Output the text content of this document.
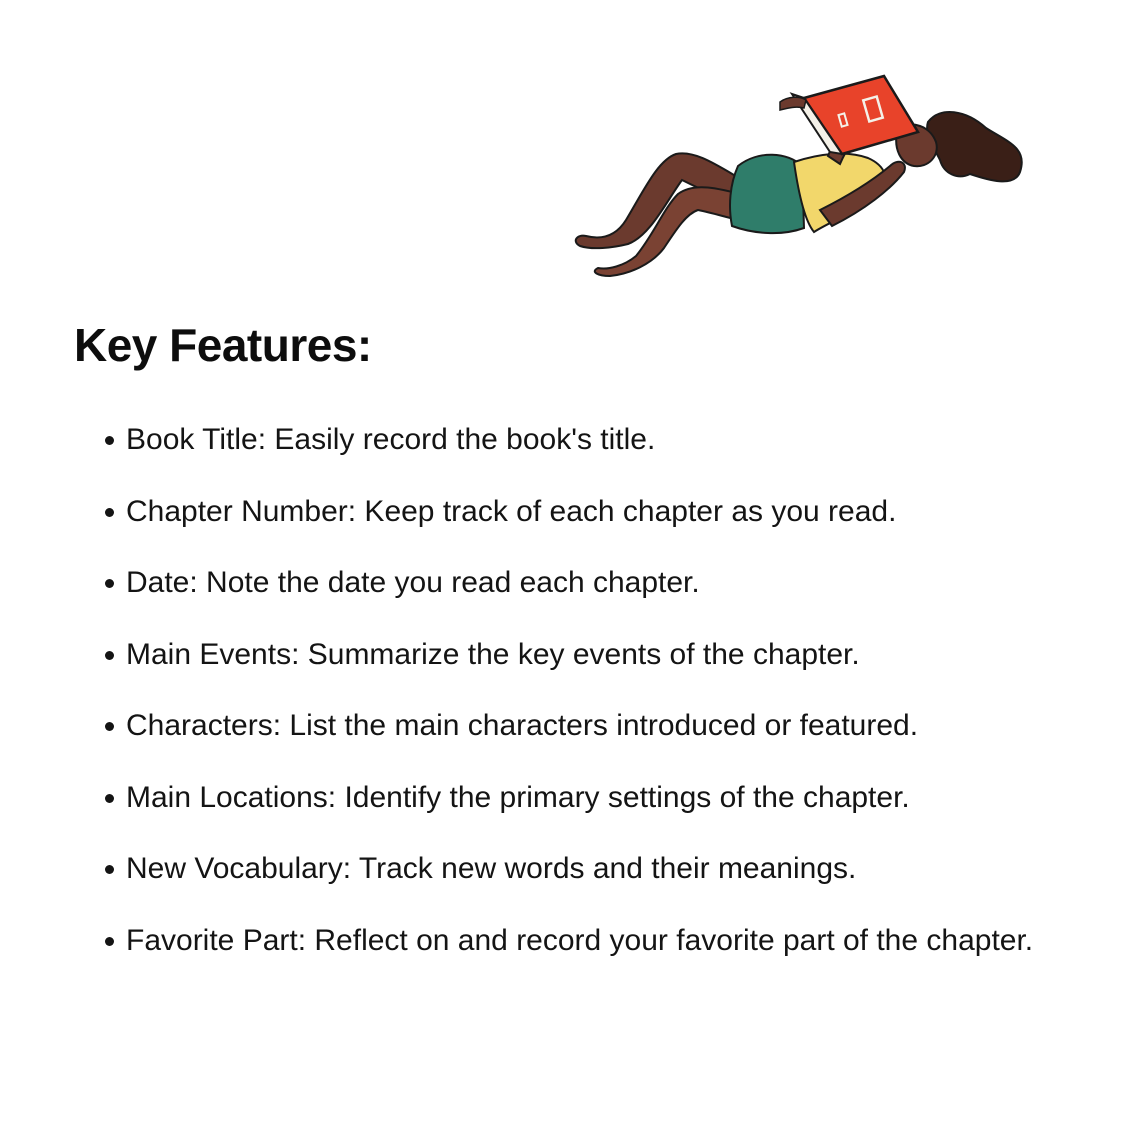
Key Features:
Book Title: Easily record the book's title.
Chapter Number: Keep track of each chapter as you read.
Date: Note the date you read each chapter.
Main Events: Summarize the key events of the chapter.
Characters: List the main characters introduced or featured.
Main Locations: Identify the primary settings of the chapter.
New Vocabulary: Track new words and their meanings.
Favorite Part: Reflect on and record your favorite part of the chapter.
